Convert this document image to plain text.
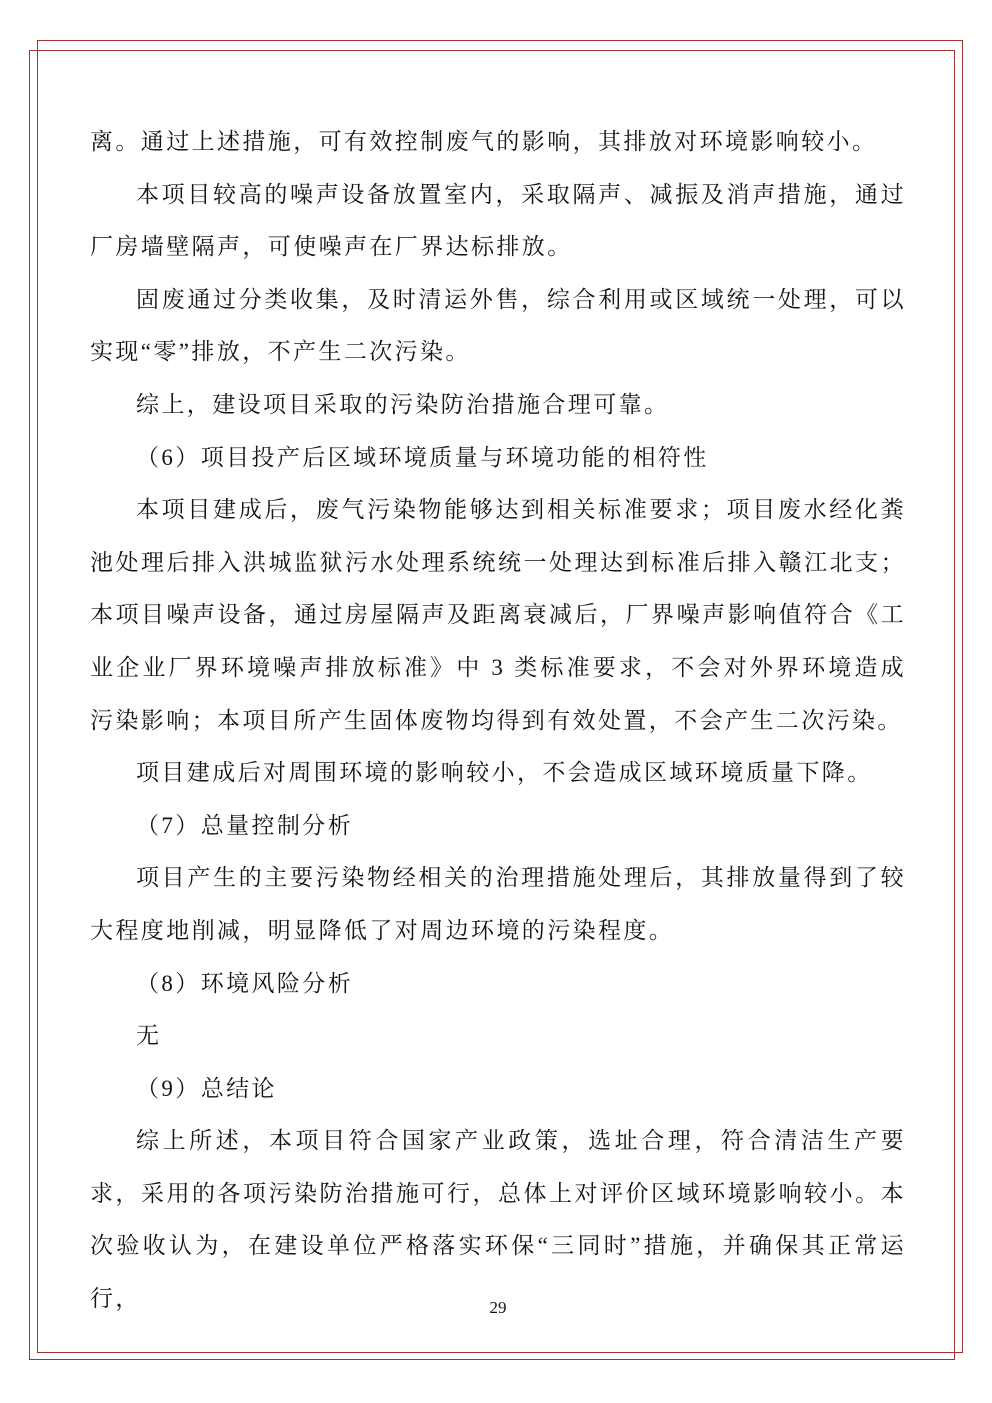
离。通过上述措施，可有效控制废气的影响，其排放对环境影响较小。

本项目较高的噪声设备放置室内，采取隔声、减振及消声措施，通过厂房墙壁隔声，可使噪声在厂界达标排放。

固废通过分类收集，及时清运外售，综合利用或区域统一处理，可以实现“零”排放，不产生二次污染。

综上，建设项目采取的污染防治措施合理可靠。

（6）项目投产后区域环境质量与环境功能的相符性

本项目建成后，废气污染物能够达到相关标准要求；项目废水经化粪池处理后排入洪城监狱污水处理系统统一处理达到标准后排入赣江北支；本项目噪声设备，通过房屋隔声及距离衰减后，厂界噪声影响值符合《工业企业厂界环境噪声排放标准》中 3 类标准要求，不会对外界环境造成污染影响；本项目所产生固体废物均得到有效处置，不会产生二次污染。

项目建成后对周围环境的影响较小，不会造成区域环境质量下降。

（7）总量控制分析

项目产生的主要污染物经相关的治理措施处理后，其排放量得到了较大程度地削减，明显降低了对周边环境的污染程度。

（8）环境风险分析

无

（9）总结论

综上所述，本项目符合国家产业政策，选址合理，符合清洁生产要求，采用的各项污染防治措施可行，总体上对评价区域环境影响较小。本次验收认为，在建设单位严格落实环保“三同时”措施，并确保其正常运行，	29
